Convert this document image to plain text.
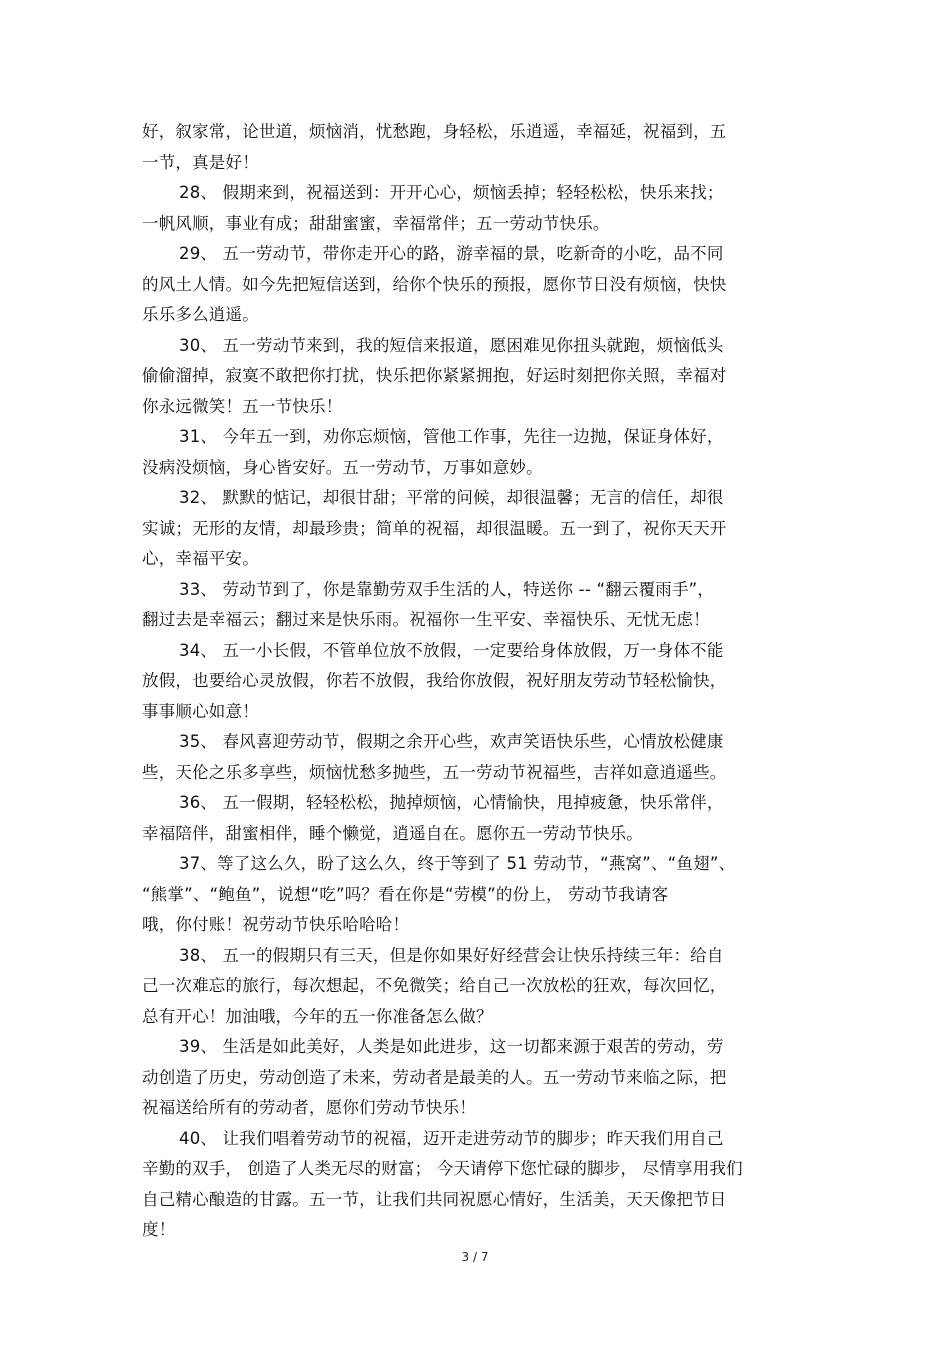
好，叙家常，论世道，烦恼消，忧愁跑，身轻松，乐逍遥，幸福延，祝福到，五
一节，真是好！
28、 假期来到，祝福送到：开开心心，烦恼丢掉；轻轻松松，快乐来找；
一帆风顺，事业有成；甜甜蜜蜜，幸福常伴；五一劳动节快乐。
29、 五一劳动节，带你走开心的路，游幸福的景，吃新奇的小吃，品不同
的风土人情。如今先把短信送到，给你个快乐的预报，愿你节日没有烦恼，快快
乐乐多么逍遥。
30、 五一劳动节来到，我的短信来报道，愿困难见你扭头就跑，烦恼低头
偷偷溜掉，寂寞不敢把你打扰，快乐把你紧紧拥抱，好运时刻把你关照，幸福对
你永远微笑！五一节快乐！
31、 今年五一到，劝你忘烦恼，管他工作事，先往一边抛，保证身体好，
没病没烦恼，身心皆安好。五一劳动节，万事如意妙。
32、 默默的惦记，却很甘甜；平常的问候，却很温馨；无言的信任，却很
实诚；无形的友情，却最珍贵；简单的祝福，却很温暖。五一到了，祝你天天开
心，幸福平安。
33、 劳动节到了，你是靠勤劳双手生活的人，特送你 -- “翻云覆雨手”，
翻过去是幸福云；翻过来是快乐雨。祝福你一生平安、幸福快乐、无忧无虑！
34、 五一小长假，不管单位放不放假，一定要给身体放假，万一身体不能
放假，也要给心灵放假，你若不放假，我给你放假，祝好朋友劳动节轻松愉快，
事事顺心如意！
35、 春风喜迎劳动节，假期之余开心些，欢声笑语快乐些，心情放松健康
些，天伦之乐多享些，烦恼忧愁多抛些，五一劳动节祝福些，吉祥如意逍遥些。
36、 五一假期，轻轻松松，抛掉烦恼，心情愉快，甩掉疲惫，快乐常伴，
幸福陪伴，甜蜜相伴，睡个懒觉，逍遥自在。愿你五一劳动节快乐。
37、等了这么久，盼了这么久，终于等到了 51 劳动节，“燕窝”、“鱼翅”、
“熊掌”、“鲍鱼”，说想“吃”吗？看在你是“劳模”的份上， 劳动节我请客
哦，你付账！祝劳动节快乐哈哈哈！
38、 五一的假期只有三天，但是你如果好好经营会让快乐持续三年：给自
己一次难忘的旅行，每次想起，不免微笑；给自己一次放松的狂欢，每次回忆，
总有开心！加油哦，今年的五一你准备怎么做？
39、 生活是如此美好，人类是如此进步，这一切都来源于艰苦的劳动，劳
动创造了历史，劳动创造了未来，劳动者是最美的人。五一劳动节来临之际，把
祝福送给所有的劳动者，愿你们劳动节快乐！
40、 让我们唱着劳动节的祝福，迈开走进劳动节的脚步；昨天我们用自己
辛勤的双手， 创造了人类无尽的财富； 今天请停下您忙碌的脚步， 尽情享用我们
自己精心酿造的甘露。五一节，让我们共同祝愿心情好，生活美，天天像把节日
度！
3 / 7
